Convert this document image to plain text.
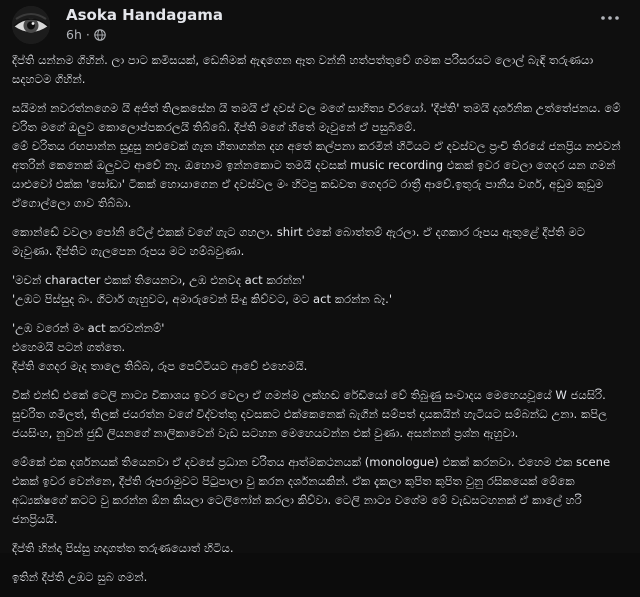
Asoka Handagama
6h ·

දීප්ති යන්නම ගිහින්. ලා පාට කමිසයක්, ඩෙනිමක් ඇඳගෙන ඈත වන්නි හත්පත්තුවේ ගමක පරිසරයට ලොල් බැඳි තරුණයා සදහටම ගිහින්.

සයිමන් නවරත්නගෙම යි අජිත් තිලකසේන යි තමයි ඒ දවස් වල මගේ සාහිත්‍ය වීරයෝ. 'දීප්ති' තමයි දාර්ශනික උත්තේජනය. මේ චරිත මගේ ඔලුව කොලොප්පකරලයි තිබ්බේ. දීප්ති මගේ හිතේ මැවුනේ ඒ පසුබිමේ.
මේ චරිතය රඟපාන්න සුදුසු නළුවෙක් ගැන හිතාගන්න දහ අතේ කල්පනා කරමින් හිටියට ඒ දවස්වල ප්‍රංචි තිරයේ ජනප්‍රිය නළුවන් අතරින් කෙනෙක් ඔලුවට ආවේ නෑ. ඔහොම ඉන්නකොට තමයි දවසක් music recording එකක් ඉවර වෙලා ගෙදර යන ගමන් යාළුවෝ එක්ක 'සෝඩා' ටිකක් හොයාගෙන ඒ දවස්වල මං හිටපු කඩවත ගෙදරට රාත්‍රී ආවේ.ඉතුරු පානීය වර්ග, අඩුම කුඩුම ඒගොල්ලො ගාව තිබ්බා.

කොන්ඩේ වවලා පෝනි ටේල් එකක් වගේ ගැට ගහලා. shirt එකේ බොත්තම් ඇරලා. ඒ දගකාර රූපය ඇතුළේ දීප්ති මට මැවුණා. දීප්තිට ගැලපෙන රූපය මට හම්බවුණා.

'මචන් character එකක් තියෙනවා, උඹ එනවද act කරන්න'
'උඹට පිස්සුද බං. ගිටාර් ගැහුවට, අමාරුවෙන් සිංදු කිව්වට, මට act කරන්න බෑ.'

'උඹ වරෙන් මං act කරවන්නම්'
එහෙමයි පටන් ගත්තෙ.
දීප්ති ගෙදර මැද තාලෙ තිබ්බ, රූප පෙට්ටියට ආවේ එහෙමයි.

වීක් එන්ඩ් එකේ ටෙලි නාට්‍ය විකාශය ඉවර වෙලා ඒ ගමන්ම ලක්හඬ රේඩියෝ වේ තිබුණු සංවාදය මෙහෙයවූයේ W ජයසිරි. සුචරිත ගමිලත්, තිලක් ජයරත්න වගේ විද්වත්තු දවසකට එක්කෙනෙක් බැගින් සම්පත් දායකයින් හැටියට සම්බන්ධ උනා. කපිල ජයසිංහ, නුවන් ජුඩ් ලියනගේ නාලිකාවෙන් වැඩ සටහන මෙහෙයවන්න එක් වුණා. අසන්නන් ප්‍රශ්න ඇහුවා.

මේකේ එක දර්ශනයක් තියෙනවා ඒ දවසේ ප්‍රධාන චරිතය ආත්මකථනයක් (monologue) එකක් කරනවා. එහෙම එක scene එකක් ඉවර වෙන්නෙ, දීප්ති රූපරාමුවට පිටුපාලා වු කරන දර්ශනයකින්. ඒක දැකලා කුපිත කුපිත වුනු රසිකයෙක් මේකෙ අධ්‍යක්ෂගේ කටට වු කරන්න ඕන කියලා ටෙලිෆෝන් කරලා කිව්වා. ටෙලි නාට්‍ය වගේම මේ වැඩසටහනක් ඒ කාලේ හරි ජනප්‍රියයි.

දීප්ති හින්දා පිස්සු හදාගත්ත තරුණයොත් හිටිය.

ඉතින් දීප්ති උඹට සුබ ගමන්.
